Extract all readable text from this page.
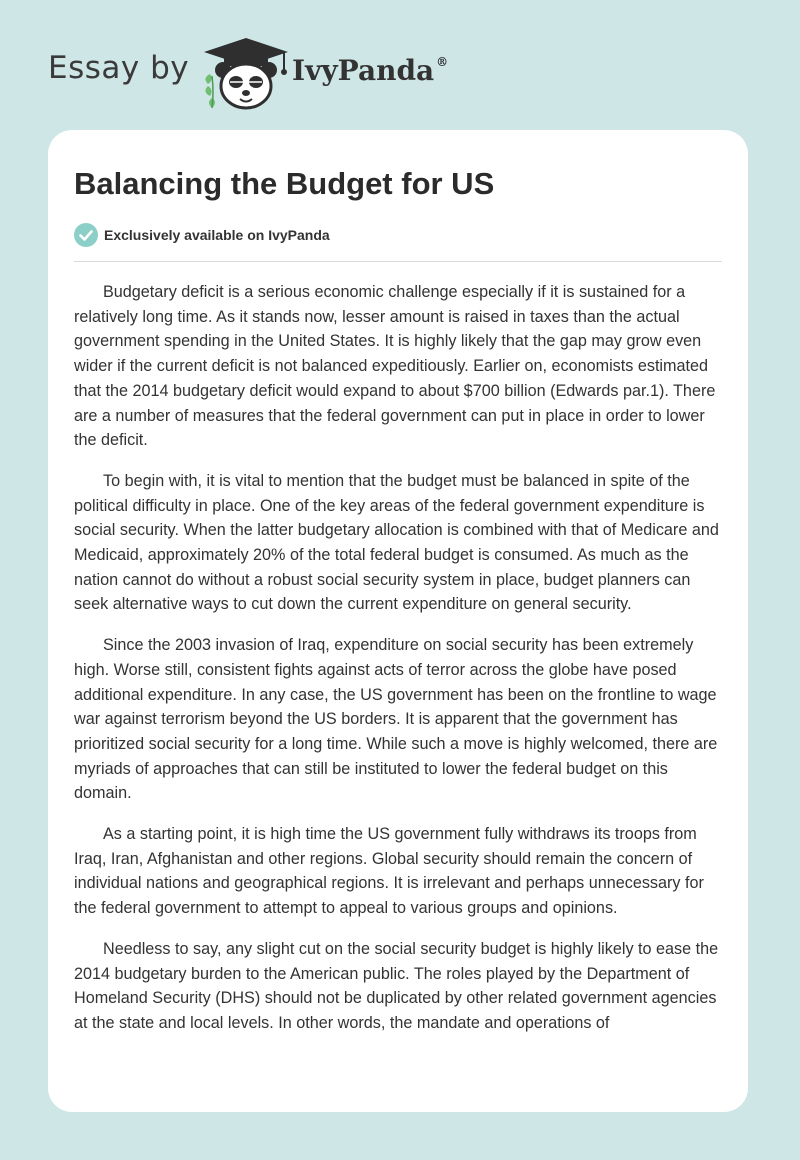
Essay by	IvyPanda ®
Balancing the Budget for US
Exclusively available on IvyPanda

Budgetary deficit is a serious economic challenge especially if it is sustained for a relatively long time. As it stands now, lesser amount is raised in taxes than the actual government spending in the United States. It is highly likely that the gap may grow even wider if the current deficit is not balanced expeditiously. Earlier on, economists estimated that the 2014 budgetary deficit would expand to about $700 billion (Edwards par.1). There are a number of measures that the federal government can put in place in order to lower the deficit.

To begin with, it is vital to mention that the budget must be balanced in spite of the political difficulty in place. One of the key areas of the federal government expenditure is social security. When the latter budgetary allocation is combined with that of Medicare and Medicaid, approximately 20% of the total federal budget is consumed. As much as the nation cannot do without a robust social security system in place, budget planners can seek alternative ways to cut down the current expenditure on general security.

Since the 2003 invasion of Iraq, expenditure on social security has been extremely high. Worse still, consistent fights against acts of terror across the globe have posed additional expenditure. In any case, the US government has been on the frontline to wage war against terrorism beyond the US borders. It is apparent that the government has prioritized social security for a long time. While such a move is highly welcomed, there are myriads of approaches that can still be instituted to lower the federal budget on this domain.

As a starting point, it is high time the US government fully withdraws its troops from Iraq, Iran, Afghanistan and other regions. Global security should remain the concern of individual nations and geographical regions. It is irrelevant and perhaps unnecessary for the federal government to attempt to appeal to various groups and opinions.

Needless to say, any slight cut on the social security budget is highly likely to ease the 2014 budgetary burden to the American public. The roles played by the Department of Homeland Security (DHS) should not be duplicated by other related government agencies at the state and local levels. In other words, the mandate and operations of
